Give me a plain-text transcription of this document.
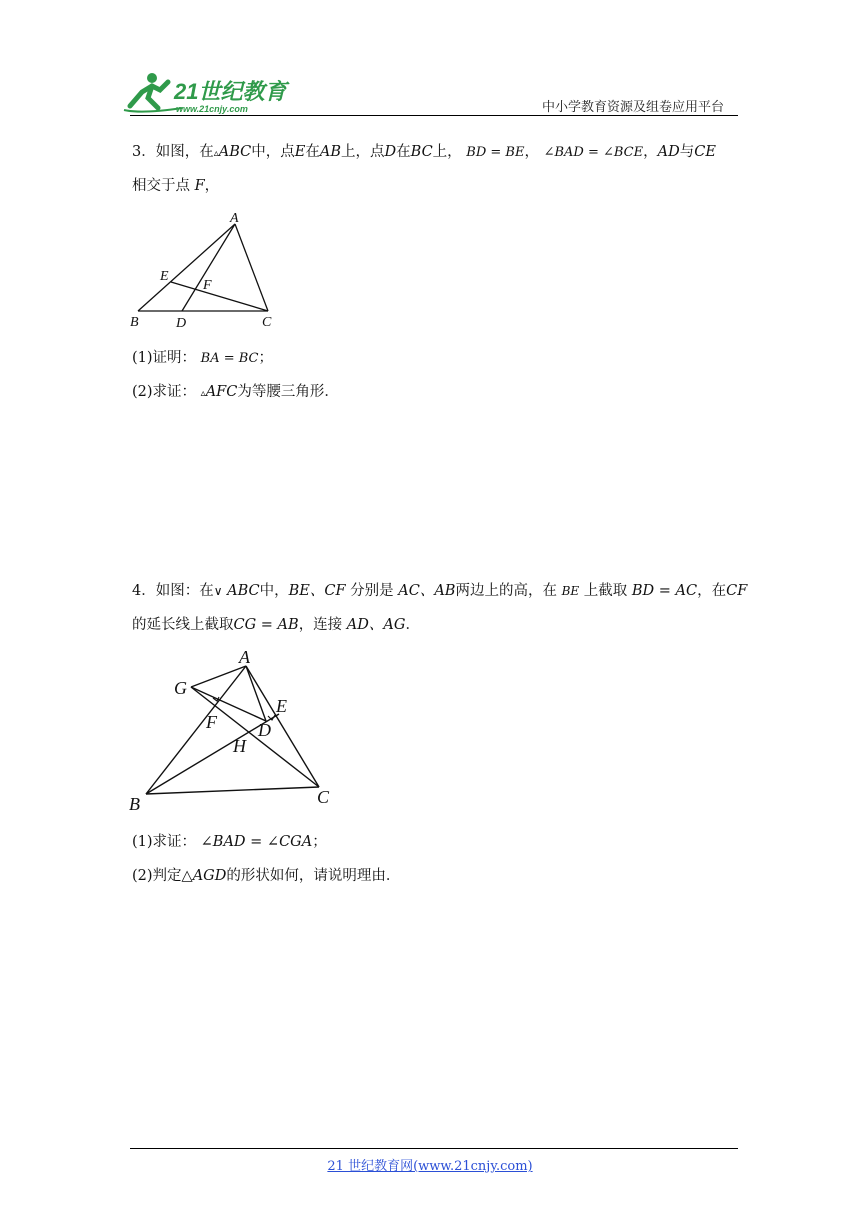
21世纪教育
www.21cnjy.com	中小学教育资源及组卷应用平台
3．如图，在▵ABC中，点E在AB上，点D在BC上， BD = BE， ∠BAD = ∠BCE，AD与CE
相交于点 F，
A
B	C
D
E
F
(1)证明： BA = BC；
(2)求证： ▵AFC为等腰三角形．
4．如图：在∨ ABC中，BE、CF 分别是 AC、AB两边上的高，在 BE 上截取 BD = AC，在CF
的延长线上截取CG = AB，连接 AD、AG．
A
G
E
F D
H
B	C
(1)求证： ∠BAD = ∠CGA；
(2)判定△AGD的形状如何，请说明理由．
21 世纪教育网(www.21cnjy.com)
